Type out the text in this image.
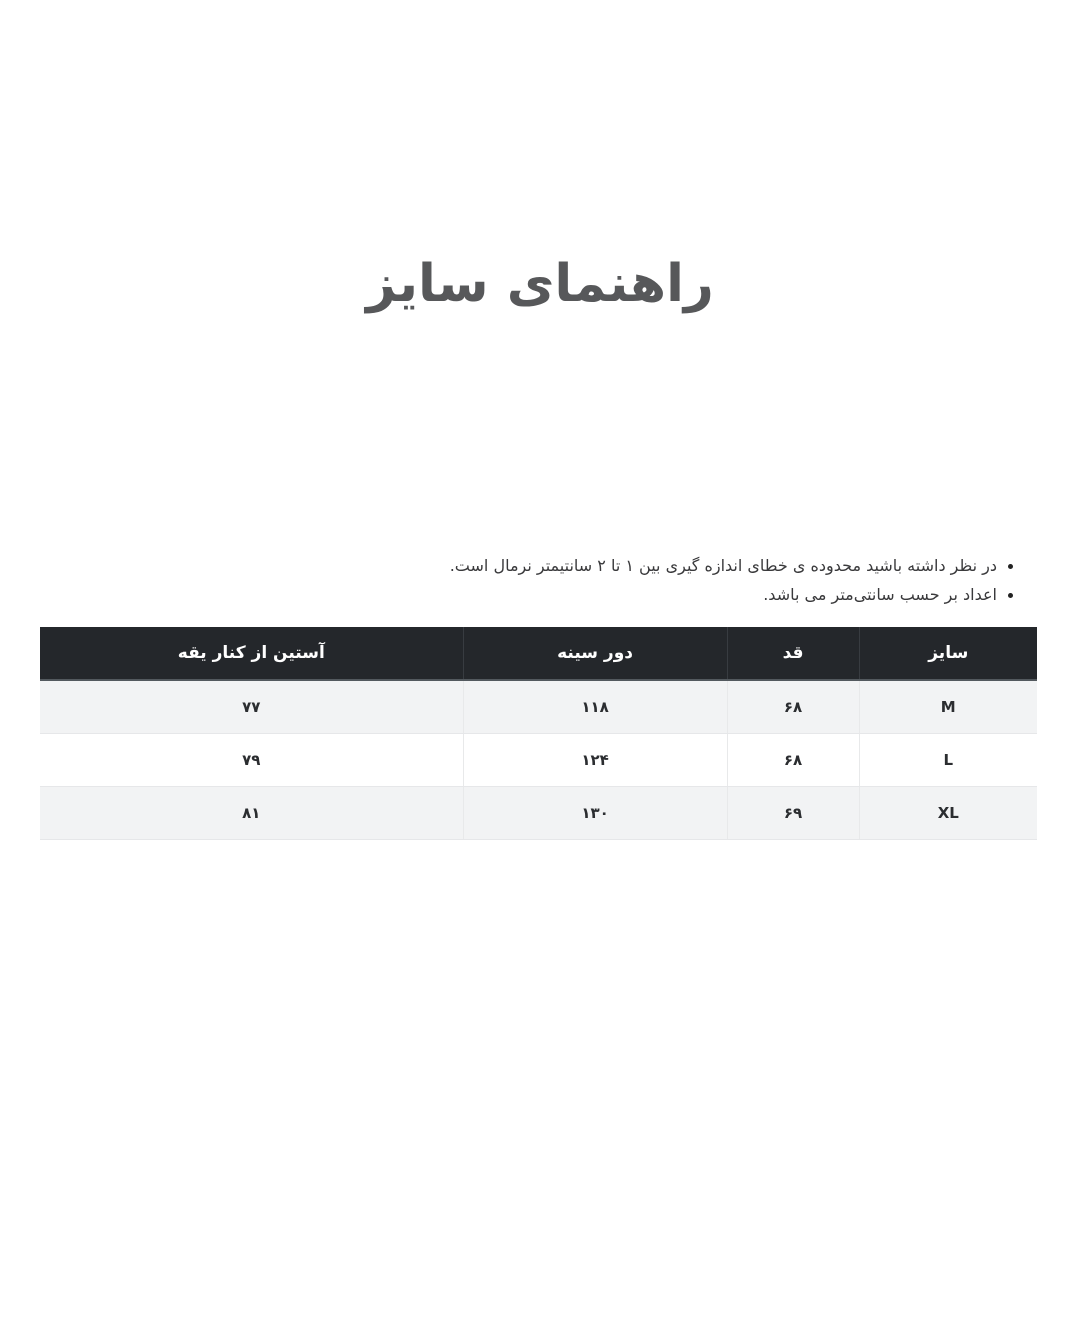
راهنمای سایز
• در نظر داشته باشید محدوده ی خطای اندازه گیری بین ۱ تا ۲ سانتیمتر نرمال است.
• اعداد بر حسب سانتی‌متر می باشد.
سایز	قد	دور سینه	آستین از کنار یقه
M	۶۸	۱۱۸	۷۷
L	۶۸	۱۲۴	۷۹
XL	۶۹	۱۳۰	۸۱
